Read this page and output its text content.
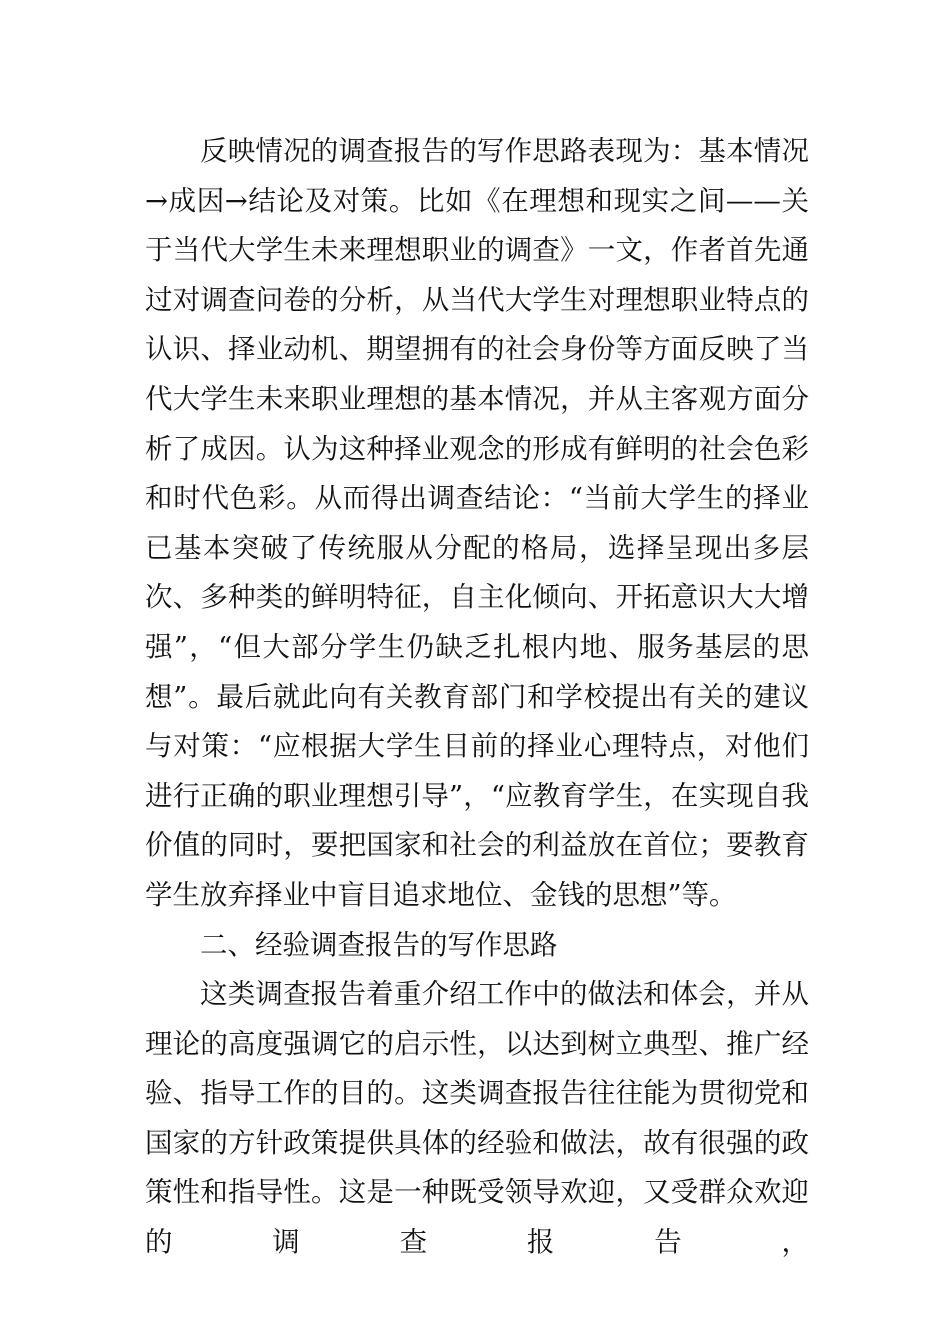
反映情况的调查报告的写作思路表现为：基本情况→成因→结论及对策。比如《在理想和现实之间——关于当代大学生未来理想职业的调查》一文，作者首先通过对调查问卷的分析，从当代大学生对理想职业特点的认识、择业动机、期望拥有的社会身份等方面反映了当代大学生未来职业理想的基本情况，并从主客观方面分析了成因。认为这种择业观念的形成有鲜明的社会色彩和时代色彩。从而得出调查结论：“当前大学生的择业已基本突破了传统服从分配的格局，选择呈现出多层次、多种类的鲜明特征，自主化倾向、开拓意识大大增强”，“但大部分学生仍缺乏扎根内地、服务基层的思想”。最后就此向有关教育部门和学校提出有关的建议与对策：“应根据大学生目前的择业心理特点，对他们进行正确的职业理想引导”，“应教育学生，在实现自我价值的同时，要把国家和社会的利益放在首位；要教育学生放弃择业中盲目追求地位、金钱的思想”等。

二、经验调查报告的写作思路

这类调查报告着重介绍工作中的做法和体会，并从理论的高度强调它的启示性，以达到树立典型、推广经验、指导工作的目的。这类调查报告往往能为贯彻党和国家的方针政策提供具体的经验和做法，故有很强的政策性和指导性。这是一种既受领导欢迎，又受群众欢迎的调查报告，
